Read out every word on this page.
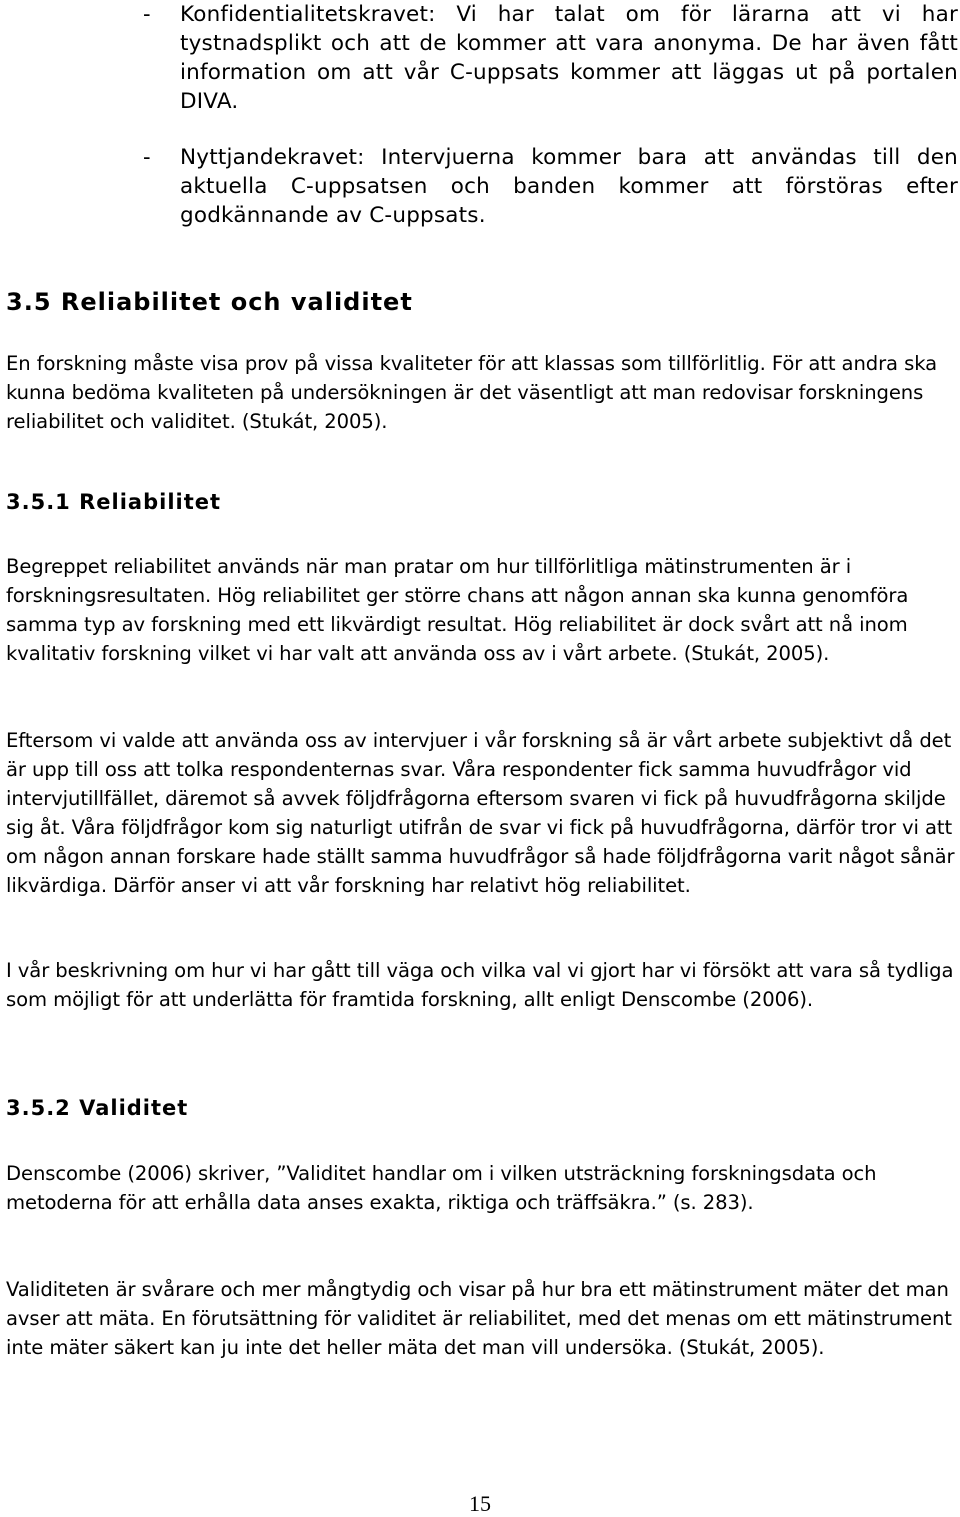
- Konfidentialitetskravet: Vi har talat om för lärarna att vi har tystnadsplikt och att de kommer att vara anonyma. De har även fått information om att vår C-uppsats kommer att läggas ut på portalen DIVA.
- Nyttjandekravet: Intervjuerna kommer bara att användas till den aktuella C-uppsatsen och banden kommer att förstöras efter godkännande av C-uppsats.
3.5 Reliabilitet och validitet

En forskning måste visa prov på vissa kvaliteter för att klassas som tillförlitlig. För att andra ska kunna bedöma kvaliteten på undersökningen är det väsentligt att man redovisar forskningens reliabilitet och validitet. (Stukát, 2005).

3.5.1 Reliabilitet

Begreppet reliabilitet används när man pratar om hur tillförlitliga mätinstrumenten är i forskningsresultaten. Hög reliabilitet ger större chans att någon annan ska kunna genomföra samma typ av forskning med ett likvärdigt resultat. Hög reliabilitet är dock svårt att nå inom kvalitativ forskning vilket vi har valt att använda oss av i vårt arbete. (Stukát, 2005).

Eftersom vi valde att använda oss av intervjuer i vår forskning så är vårt arbete subjektivt då det är upp till oss att tolka respondenternas svar. Våra respondenter fick samma huvudfrågor vid intervjutillfället, däremot så avvek följdfrågorna eftersom svaren vi fick på huvudfrågorna skiljde sig åt. Våra följdfrågor kom sig naturligt utifrån de svar vi fick på huvudfrågorna, därför tror vi att om någon annan forskare hade ställt samma huvudfrågor så hade följdfrågorna varit något sånär likvärdiga. Därför anser vi att vår forskning har relativt hög reliabilitet.

I vår beskrivning om hur vi har gått till väga och vilka val vi gjort har vi försökt att vara så tydliga som möjligt för att underlätta för framtida forskning, allt enligt Denscombe (2006).

3.5.2 Validitet

Denscombe (2006) skriver, ”Validitet handlar om i vilken utsträckning forskningsdata och metoderna för att erhålla data anses exakta, riktiga och träffsäkra.” (s. 283).

Validiteten är svårare och mer mångtydig och visar på hur bra ett mätinstrument mäter det man avser att mäta. En förutsättning för validitet är reliabilitet, med det menas om ett mätinstrument inte mäter säkert kan ju inte det heller mäta det man vill undersöka. (Stukát, 2005).

15
